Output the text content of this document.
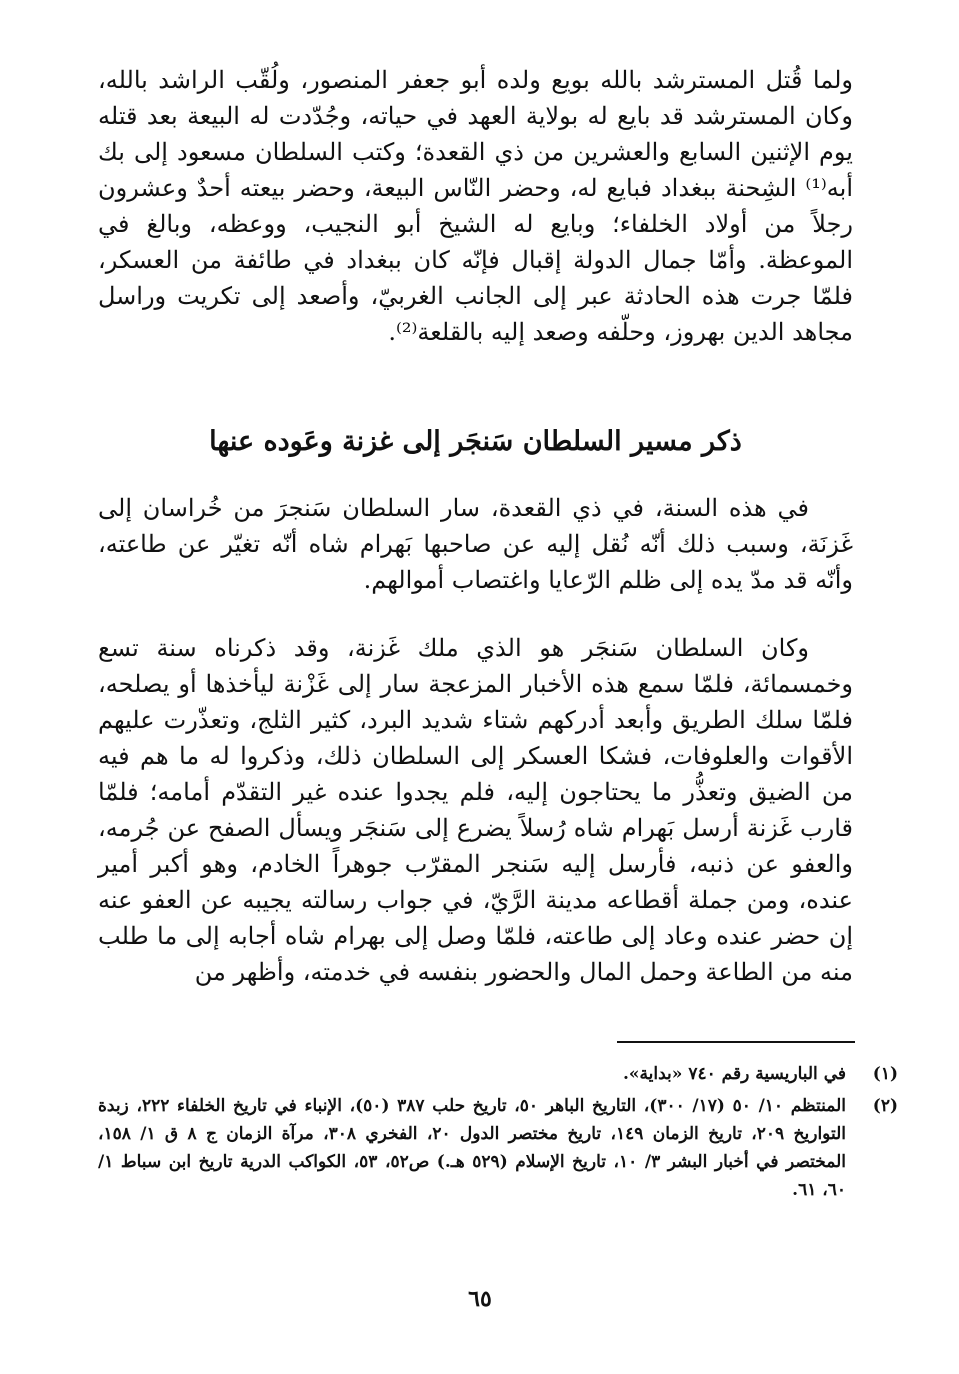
ولما قُتل المسترشد بالله بويع ولده أبو جعفر المنصور، ولُقّب الراشد بالله، وكان المسترشد قد بايع له بولاية العهد في حياته، وجُدّدت له البيعة بعد قتله يوم الإثنين السابع والعشرين من ذي القعدة؛ وكتب السلطان مسعود إلى بك أبه⁽¹⁾ الشِحنة ببغداد فبايع له، وحضر النّاس البيعة، وحضر بيعته أحدٌ وعشرون رجلاً من أولاد الخلفاء؛ وبايع له الشيخ أبو النجيب، ووعظه، وبالغ في الموعظة. وأمّا جمال الدولة إقبال فإنّه كان ببغداد في طائفة من العسكر، فلمّا جرت هذه الحادثة عبر إلى الجانب الغربيّ، وأصعد إلى تكريت وراسل مجاهد الدين بهروز، وحلّفه وصعد إليه بالقلعة⁽²⁾.

ذكر مسير السلطان سَنجَر إلى غزنة وعَوده عنها

في هذه السنة، في ذي القعدة، سار السلطان سَنجرَ من خُراسان إلى غَزنَة، وسبب ذلك أنّه نُقل إليه عن صاحبها بَهرام شاه أنّه تغيّر عن طاعته، وأنّه قد مدّ يده إلى ظلم الرّعايا واغتصاب أموالهم.

وكان السلطان سَنجَر هو الذي ملك غَزنة، وقد ذكرناه سنة تسع وخمسمائة، فلمّا سمع هذه الأخبار المزعجة سار إلى غَزْنة ليأخذها أو يصلحه، فلمّا سلك الطريق وأبعد أدركهم شتاء شديد البرد، كثير الثلج، وتعذّرت عليهم الأقوات والعلوفات، فشكا العسكر إلى السلطان ذلك، وذكروا له ما هم فيه من الضيق وتعذُّر ما يحتاجون إليه، فلم يجدوا عنده غير التقدّم أمامه؛ فلمّا قارب غَزنة أرسل بَهرام شاه رُسلاً يضرع إلى سَنجَر ويسأل الصفح عن جُرمه، والعفو عن ذنبه، فأرسل إليه سَنجر المقرّب جوهراً الخادم، وهو أكبر أمير عنده، ومن جملة أقطاعه مدينة الرَّيّ، في جواب رسالته يجيبه عن العفو عنه إن حضر عنده وعاد إلى طاعته، فلمّا وصل إلى بهرام شاه أجابه إلى ما طلب منه من الطاعة وحمل المال والحضور بنفسه في خدمته، وأظهر من

(١)
في الباريسية رقم ٧٤٠ «بداية».
(٢)
المنتظم ١٠/ ٥٠ (١٧/ ٣٠٠)، التاريخ الباهر ٥٠، تاريخ حلب ٣٨٧ (٥٠)، الإنباء في تاريخ الخلفاء ٢٢٢، زبدة التواريخ ٢٠٩، تاريخ الزمان ١٤٩، تاريخ مختصر الدول ٢٠، الفخري ٣٠٨، مرآة الزمان ج ٨ ق ١/ ١٥٨، المختصر في أخبار البشر ٣/ ١٠، تاريخ الإسلام (٥٢٩ هـ.) ص٥٢، ٥٣، الكواكب الدرية تاريخ ابن سباط ١/ ٦٠، ٦١.
٦٥
